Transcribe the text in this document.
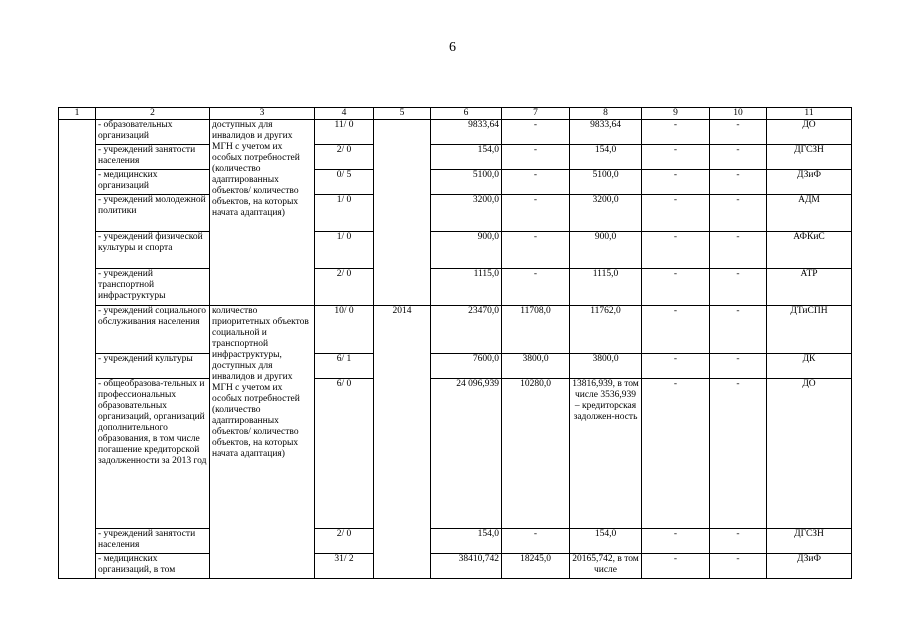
6
1	2	3	4	5	6	7	8	9	10	11
	- образовательных организаций	доступных для инвалидов и других МГН с учетом их особых потребностей (количество адаптированных объектов/ количество объектов, на которых начата адаптация)	11/ 0		9833,64	-	9833,64	-	-	ДО
	- учреждений занятости населения		2/ 0		154,0	-	154,0	-	-	ДГСЗН
	- медицинских организаций		0/ 5		5100,0	-	5100,0	-	-	ДЗиФ
	- учреждений молодежной политики		1/ 0		3200,0	-	3200,0	-	-	АДМ
	- учреждений физической культуры и спорта		1/ 0		900,0	-	900,0	-	-	АФКиС
	- учреждений транспортной инфраструктуры		2/ 0		1115,0	-	1115,0	-	-	АТР
	- учреждений социального обслуживания населения	количество приоритетных объектов социальной и транспортной инфраструктуры, доступных для инвалидов и других МГН с учетом их особых потребностей (количество адаптированных объектов/ количество объектов, на которых начата адаптация)	10/ 0	2014	23470,0	11708,0	11762,0	-	-	ДТиСПН
	- учреждений культуры		6/ 1		7600,0	3800,0	3800,0	-	-	ДК
	- общеобразова-тельных и профессиональных образовательных организаций, организаций дополнительного образования, в том числе погашение кредиторской задолженности за 2013 год		6/ 0		24 096,939	10280,0	13816,939, в том числе 3536,939 – кредиторская задолжен-ность	-	-	ДО
	- учреждений занятости населения		2/ 0		154,0	-	154,0	-	-	ДГСЗН
	- медицинских организаций, в том		31/ 2		38410,742	18245,0	20165,742, в том числе	-	-	ДЗиФ
